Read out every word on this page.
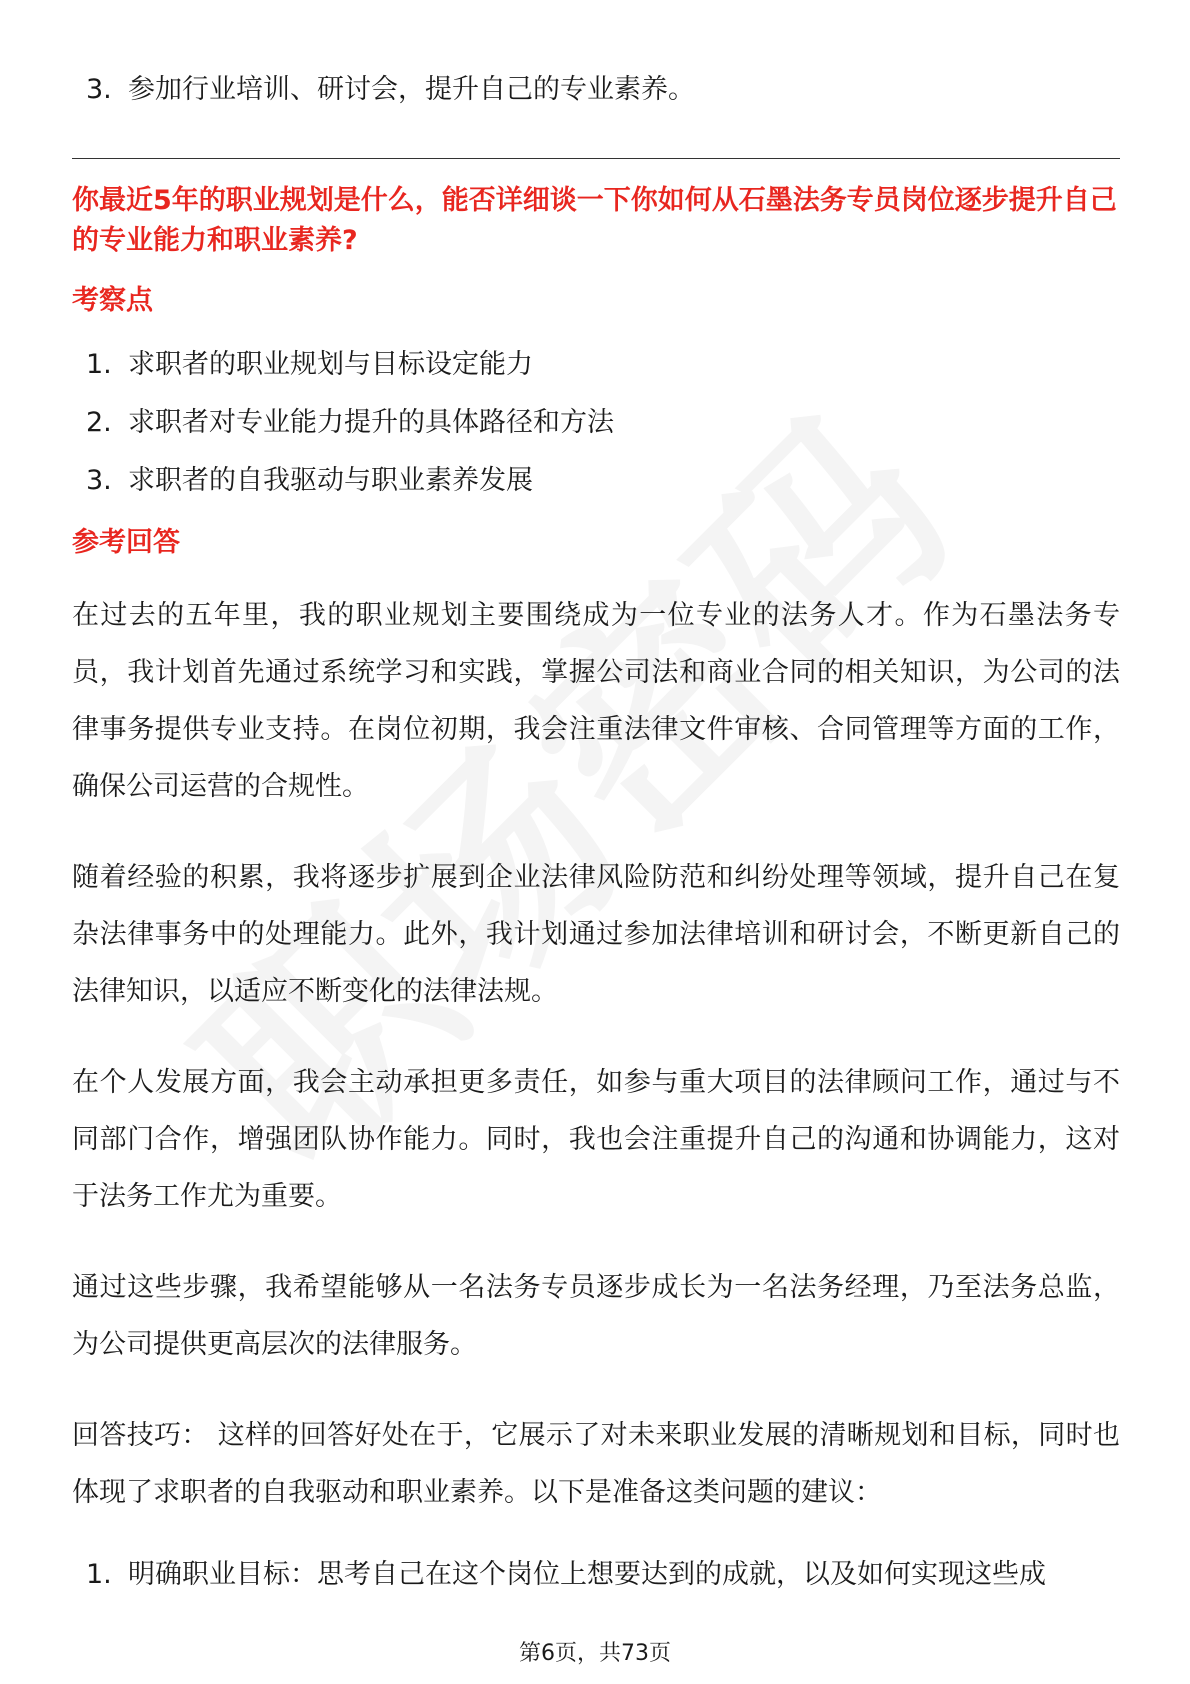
3. 参加行业培训、研讨会，提升自己的专业素养。
你最近5年的职业规划是什么，能否详细谈一下你如何从石墨法务专员岗位逐步提升自己的专业能力和职业素养?
考察点
1. 求职者的职业规划与目标设定能力
2. 求职者对专业能力提升的具体路径和方法
3. 求职者的自我驱动与职业素养发展
参考回答

在过去的五年里，我的职业规划主要围绕成为一位专业的法务人才。作为石墨法务专员，我计划首先通过系统学习和实践，掌握公司法和商业合同的相关知识，为公司的法律事务提供专业支持。在岗位初期，我会注重法律文件审核、合同管理等方面的工作，确保公司运营的合规性。

随着经验的积累，我将逐步扩展到企业法律风险防范和纠纷处理等领域，提升自己在复杂法律事务中的处理能力。此外，我计划通过参加法律培训和研讨会，不断更新自己的法律知识，以适应不断变化的法律法规。

在个人发展方面，我会主动承担更多责任，如参与重大项目的法律顾问工作，通过与不同部门合作，增强团队协作能力。同时，我也会注重提升自己的沟通和协调能力，这对于法务工作尤为重要。

通过这些步骤，我希望能够从一名法务专员逐步成长为一名法务经理，乃至法务总监，为公司提供更高层次的法律服务。

回答技巧： 这样的回答好处在于，它展示了对未来职业发展的清晰规划和目标，同时也体现了求职者的自我驱动和职业素养。以下是准备这类问题的建议：

1. 明确职业目标：思考自己在这个岗位上想要达到的成就，以及如何实现这些成
第6页，共73页
